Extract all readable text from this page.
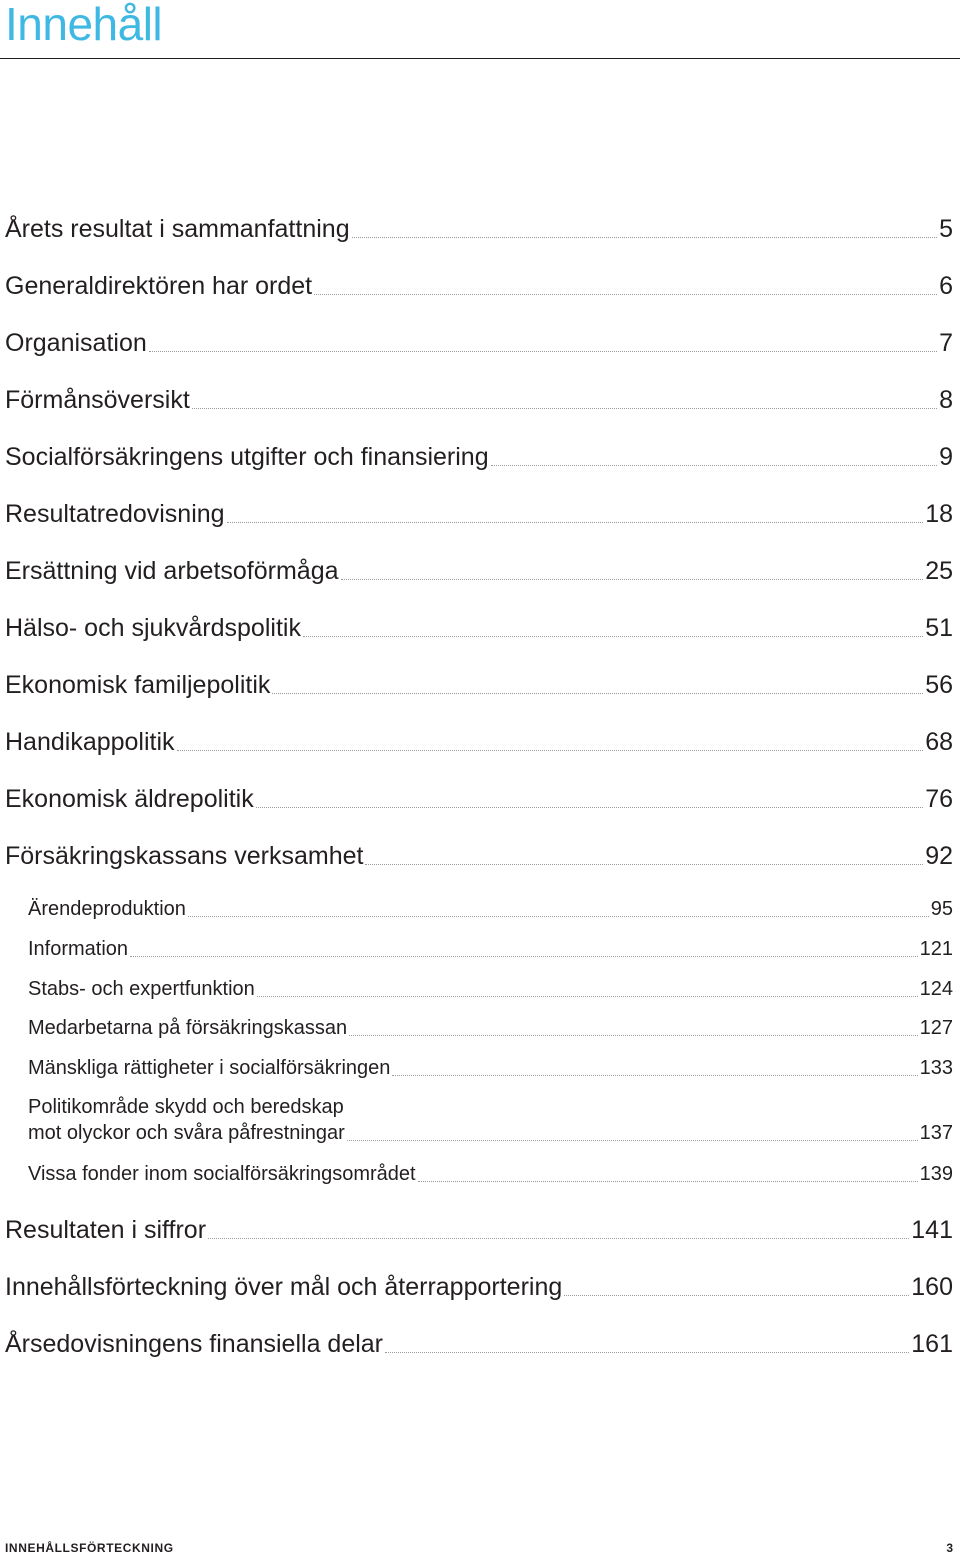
Innehåll
Årets resultat i sammanfattning	5
Generaldirektören har ordet	6
Organisation	7
Förmånsöversikt	8
Socialförsäkringens utgifter och finansiering	9
Resultatredovisning	18
Ersättning vid arbetsoförmåga	25
Hälso- och sjukvårdspolitik	51
Ekonomisk familjepolitik	56
Handikappolitik	68
Ekonomisk äldrepolitik	76
Försäkringskassans verksamhet	92
Ärendeproduktion	95
Information	121
Stabs- och expertfunktion	124
Medarbetarna på försäkringskassan	127
Mänskliga rättigheter i socialförsäkringen	133
Politikområde skydd och beredskap
mot olyckor och svåra påfrestningar	137
Vissa fonder inom socialförsäkringsområdet	139
Resultaten i siffror	141
Innehållsförteckning över mål och återrapportering	160
Årsedovisningens finansiella delar	161
INNEHÅLLSFÖRTECKNING	3
